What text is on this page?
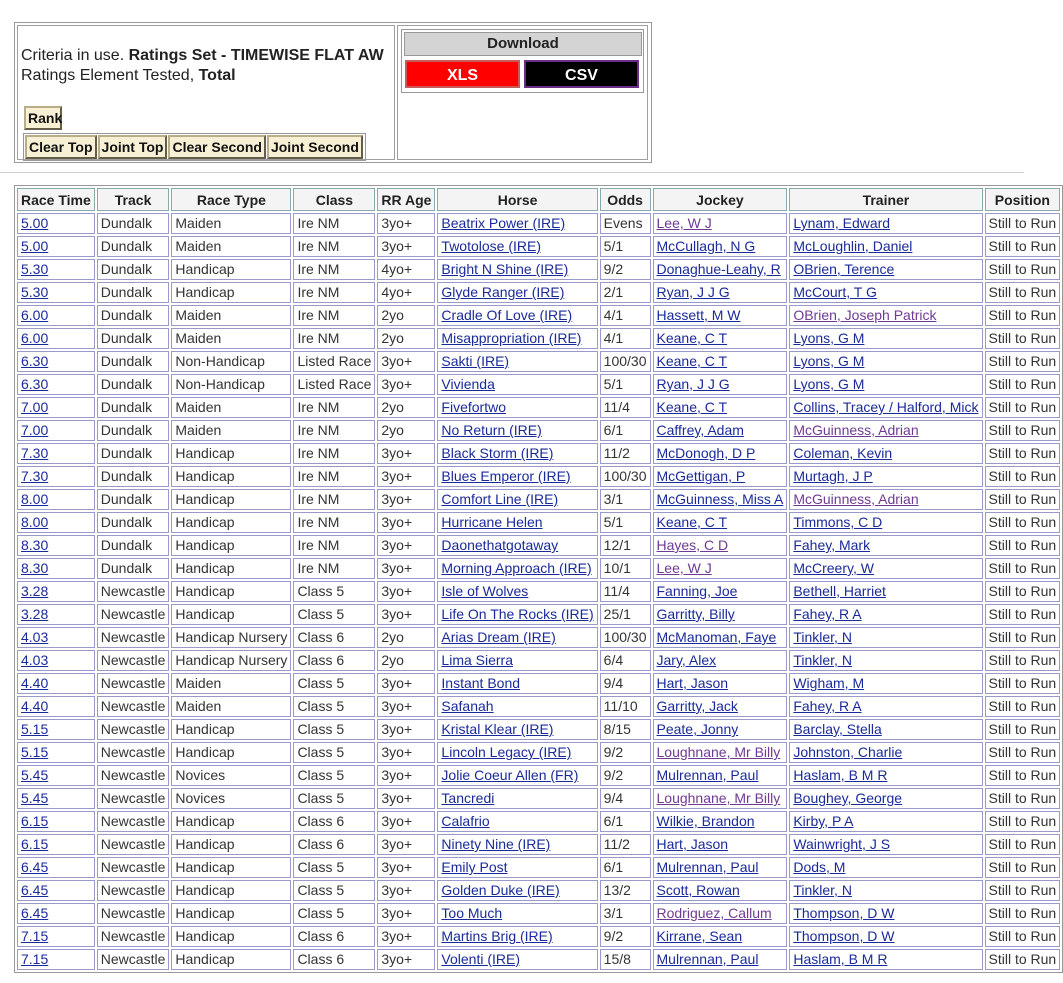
Criteria in use. Ratings Set - TIMEWISE FLAT AW
Ratings Element Tested, Total
Rank
Clear Top Joint Top Clear Second Joint Second
Download
XLS	CSV
Race Time	Track	Race Type	Class	RR Age	Horse	Odds	Jockey	Trainer	Position
5.00	Dundalk	Maiden	Ire NM	3yo+	Beatrix Power (IRE)	Evens	Lee, W J	Lynam, Edward	Still to Run
5.00	Dundalk	Maiden	Ire NM	3yo+	Twotolose (IRE)	5/1	McCullagh, N G	McLoughlin, Daniel	Still to Run
5.30	Dundalk	Handicap	Ire NM	4yo+	Bright N Shine (IRE)	9/2	Donaghue-Leahy, R	OBrien, Terence	Still to Run
5.30	Dundalk	Handicap	Ire NM	4yo+	Glyde Ranger (IRE)	2/1	Ryan, J J G	McCourt, T G	Still to Run
6.00	Dundalk	Maiden	Ire NM	2yo	Cradle Of Love (IRE)	4/1	Hassett, M W	OBrien, Joseph Patrick	Still to Run
6.00	Dundalk	Maiden	Ire NM	2yo	Misappropriation (IRE)	4/1	Keane, C T	Lyons, G M	Still to Run
6.30	Dundalk	Non-Handicap	Listed Race	3yo+	Sakti (IRE)	100/30	Keane, C T	Lyons, G M	Still to Run
6.30	Dundalk	Non-Handicap	Listed Race	3yo+	Vivienda	5/1	Ryan, J J G	Lyons, G M	Still to Run
7.00	Dundalk	Maiden	Ire NM	2yo	Fivefortwo	11/4	Keane, C T	Collins, Tracey / Halford, Mick	Still to Run
7.00	Dundalk	Maiden	Ire NM	2yo	No Return (IRE)	6/1	Caffrey, Adam	McGuinness, Adrian	Still to Run
7.30	Dundalk	Handicap	Ire NM	3yo+	Black Storm (IRE)	11/2	McDonogh, D P	Coleman, Kevin	Still to Run
7.30	Dundalk	Handicap	Ire NM	3yo+	Blues Emperor (IRE)	100/30	McGettigan, P	Murtagh, J P	Still to Run
8.00	Dundalk	Handicap	Ire NM	3yo+	Comfort Line (IRE)	3/1	McGuinness, Miss A	McGuinness, Adrian	Still to Run
8.00	Dundalk	Handicap	Ire NM	3yo+	Hurricane Helen	5/1	Keane, C T	Timmons, C D	Still to Run
8.30	Dundalk	Handicap	Ire NM	3yo+	Daonethatgotaway	12/1	Hayes, C D	Fahey, Mark	Still to Run
8.30	Dundalk	Handicap	Ire NM	3yo+	Morning Approach (IRE)	10/1	Lee, W J	McCreery, W	Still to Run
3.28	Newcastle	Handicap	Class 5	3yo+	Isle of Wolves	11/4	Fanning, Joe	Bethell, Harriet	Still to Run
3.28	Newcastle	Handicap	Class 5	3yo+	Life On The Rocks (IRE)	25/1	Garritty, Billy	Fahey, R A	Still to Run
4.03	Newcastle	Handicap Nursery	Class 6	2yo	Arias Dream (IRE)	100/30	McManoman, Faye	Tinkler, N	Still to Run
4.03	Newcastle	Handicap Nursery	Class 6	2yo	Lima Sierra	6/4	Jary, Alex	Tinkler, N	Still to Run
4.40	Newcastle	Maiden	Class 5	3yo+	Instant Bond	9/4	Hart, Jason	Wigham, M	Still to Run
4.40	Newcastle	Maiden	Class 5	3yo+	Safanah	11/10	Garritty, Jack	Fahey, R A	Still to Run
5.15	Newcastle	Handicap	Class 5	3yo+	Kristal Klear (IRE)	8/15	Peate, Jonny	Barclay, Stella	Still to Run
5.15	Newcastle	Handicap	Class 5	3yo+	Lincoln Legacy (IRE)	9/2	Loughnane, Mr Billy	Johnston, Charlie	Still to Run
5.45	Newcastle	Novices	Class 5	3yo+	Jolie Coeur Allen (FR)	9/2	Mulrennan, Paul	Haslam, B M R	Still to Run
5.45	Newcastle	Novices	Class 5	3yo+	Tancredi	9/4	Loughnane, Mr Billy	Boughey, George	Still to Run
6.15	Newcastle	Handicap	Class 6	3yo+	Calafrio	6/1	Wilkie, Brandon	Kirby, P A	Still to Run
6.15	Newcastle	Handicap	Class 6	3yo+	Ninety Nine (IRE)	11/2	Hart, Jason	Wainwright, J S	Still to Run
6.45	Newcastle	Handicap	Class 5	3yo+	Emily Post	6/1	Mulrennan, Paul	Dods, M	Still to Run
6.45	Newcastle	Handicap	Class 5	3yo+	Golden Duke (IRE)	13/2	Scott, Rowan	Tinkler, N	Still to Run
6.45	Newcastle	Handicap	Class 5	3yo+	Too Much	3/1	Rodriguez, Callum	Thompson, D W	Still to Run
7.15	Newcastle	Handicap	Class 6	3yo+	Martins Brig (IRE)	9/2	Kirrane, Sean	Thompson, D W	Still to Run
7.15	Newcastle	Handicap	Class 6	3yo+	Volenti (IRE)	15/8	Mulrennan, Paul	Haslam, B M R	Still to Run
